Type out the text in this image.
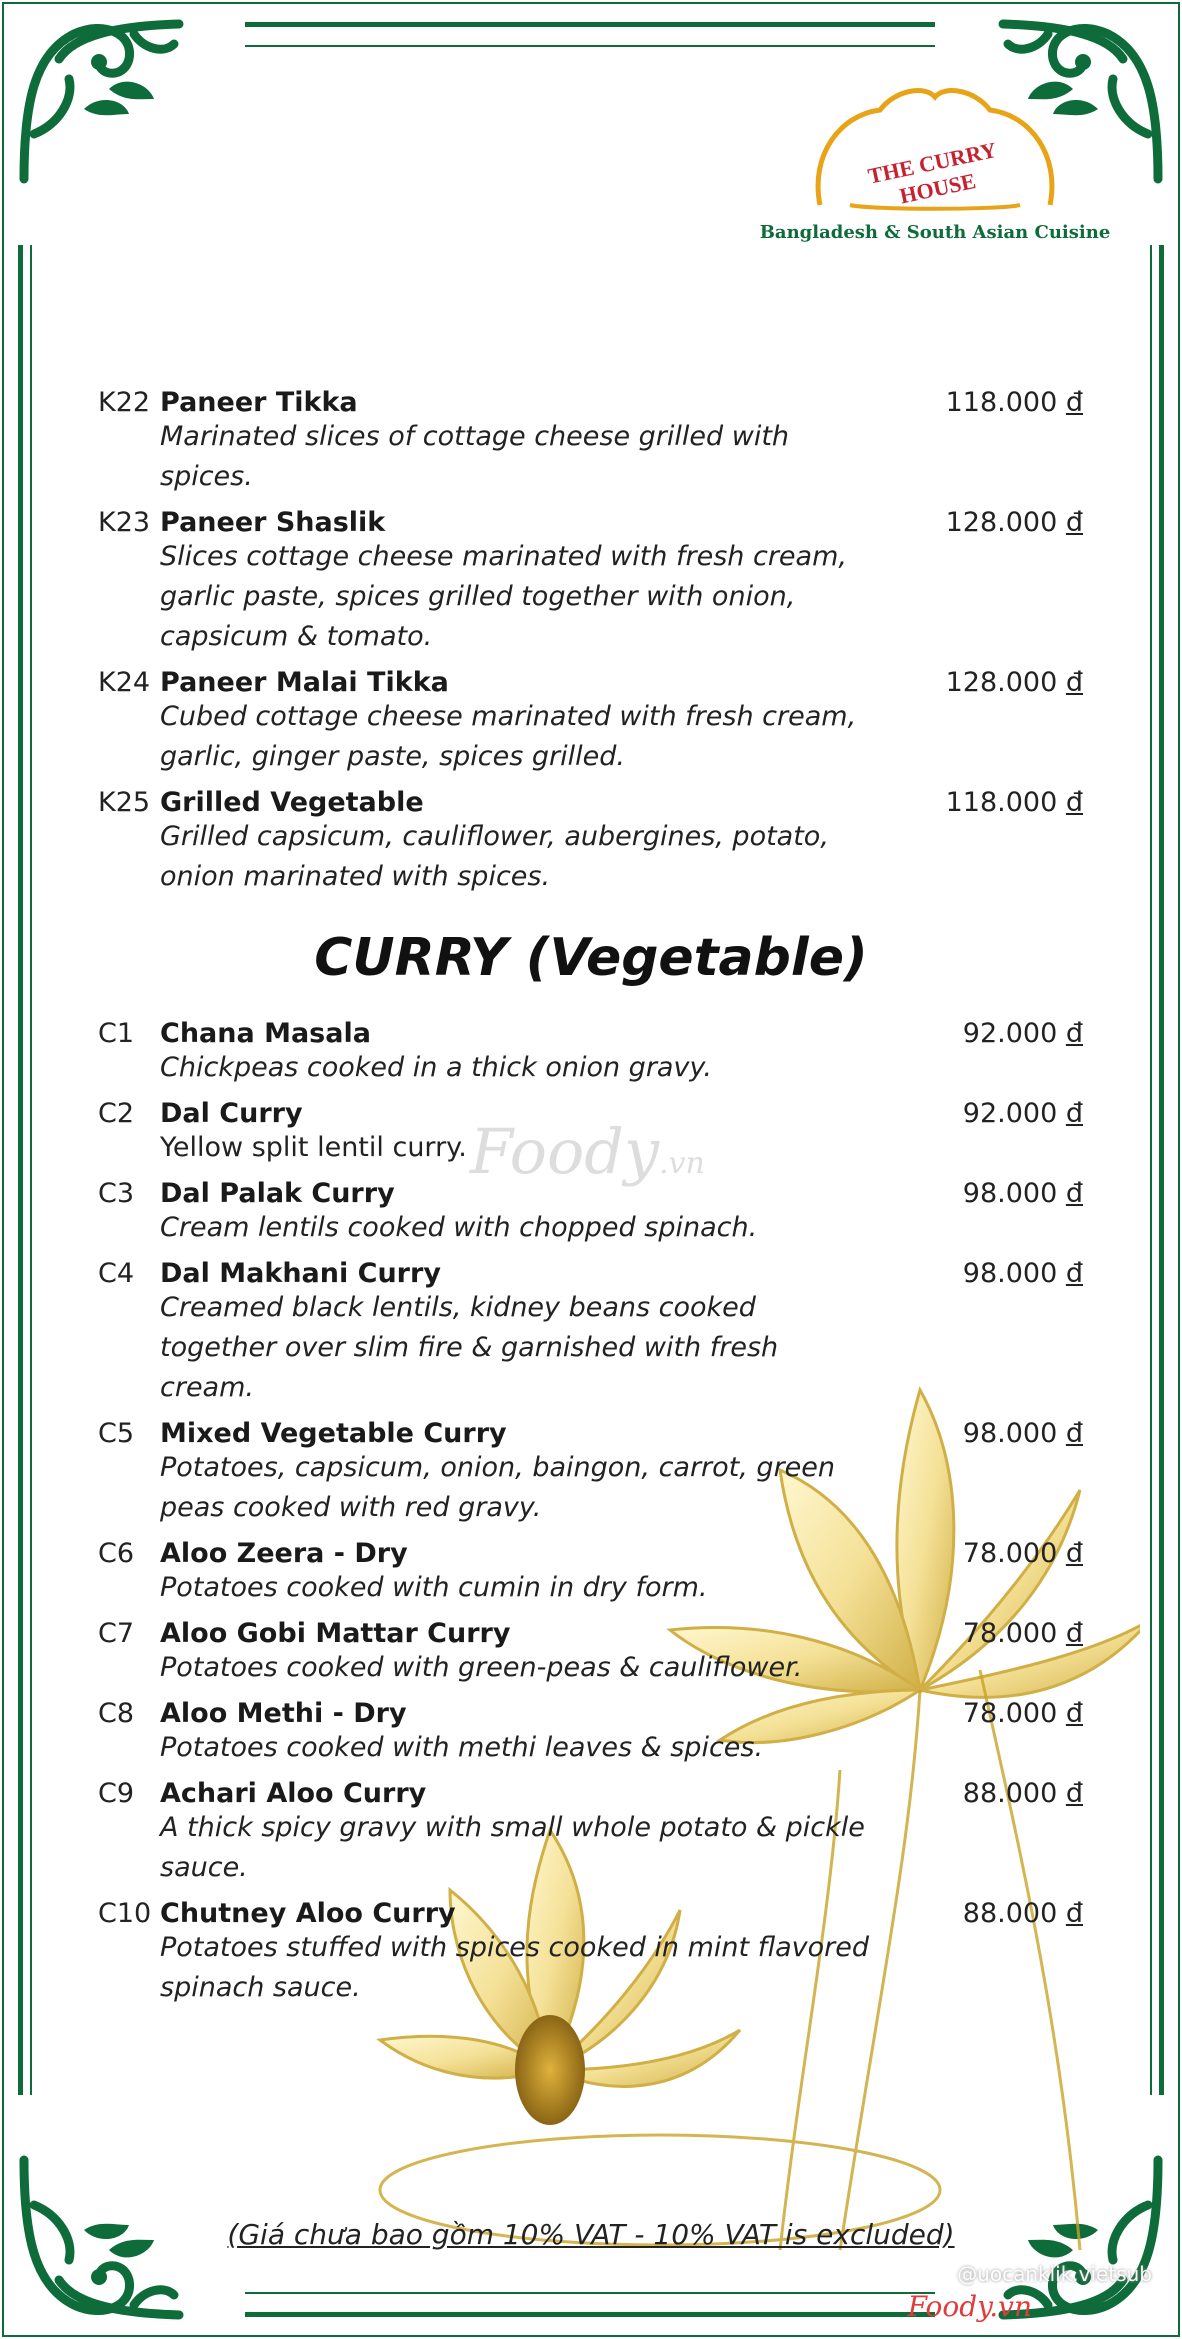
THE CURRY HOUSE
Bangladesh & South Asian Cuisine
K22 Paneer Tikka	118.000 đ
Marinated slices of cottage cheese grilled with spices.
K23 Paneer Shaslik	128.000 đ
Slices cottage cheese marinated with fresh cream, garlic paste, spices grilled together with onion, capsicum & tomato.
K24 Paneer Malai Tikka	128.000 đ
Cubed cottage cheese marinated with fresh cream, garlic, ginger paste, spices grilled.
K25 Grilled Vegetable	118.000 đ
Grilled capsicum, cauliflower, aubergines, potato, onion marinated with spices.
CURRY (Vegetable)
C1 Chana Masala	92.000 đ
Chickpeas cooked in a thick onion gravy.
C2 Dal Curry	92.000 đ
Yellow split lentil curry.
C3 Dal Palak Curry	98.000 đ
Cream lentils cooked with chopped spinach.
C4 Dal Makhani Curry	98.000 đ
Creamed black lentils, kidney beans cooked together over slim fire & garnished with fresh cream.
C5 Mixed Vegetable Curry	98.000 đ
Potatoes, capsicum, onion, baingon, carrot, green peas cooked with red gravy.
C6 Aloo Zeera - Dry	78.000 đ
Potatoes cooked with cumin in dry form.
C7 Aloo Gobi Mattar Curry	78.000 đ
Potatoes cooked with green-peas & cauliflower.
C8 Aloo Methi - Dry	78.000 đ
Potatoes cooked with methi leaves & spices.
C9 Achari Aloo Curry	88.000 đ
A thick spicy gravy with small whole potato & pickle sauce.
C10 Chutney Aloo Curry	88.000 đ
Potatoes stuffed with spices cooked in mint flavored spinach sauce.
Foody.vn
(Giá chưa bao gồm 10% VAT - 10% VAT is excluded)
@uocanklik.vietsub
Foody.vn
